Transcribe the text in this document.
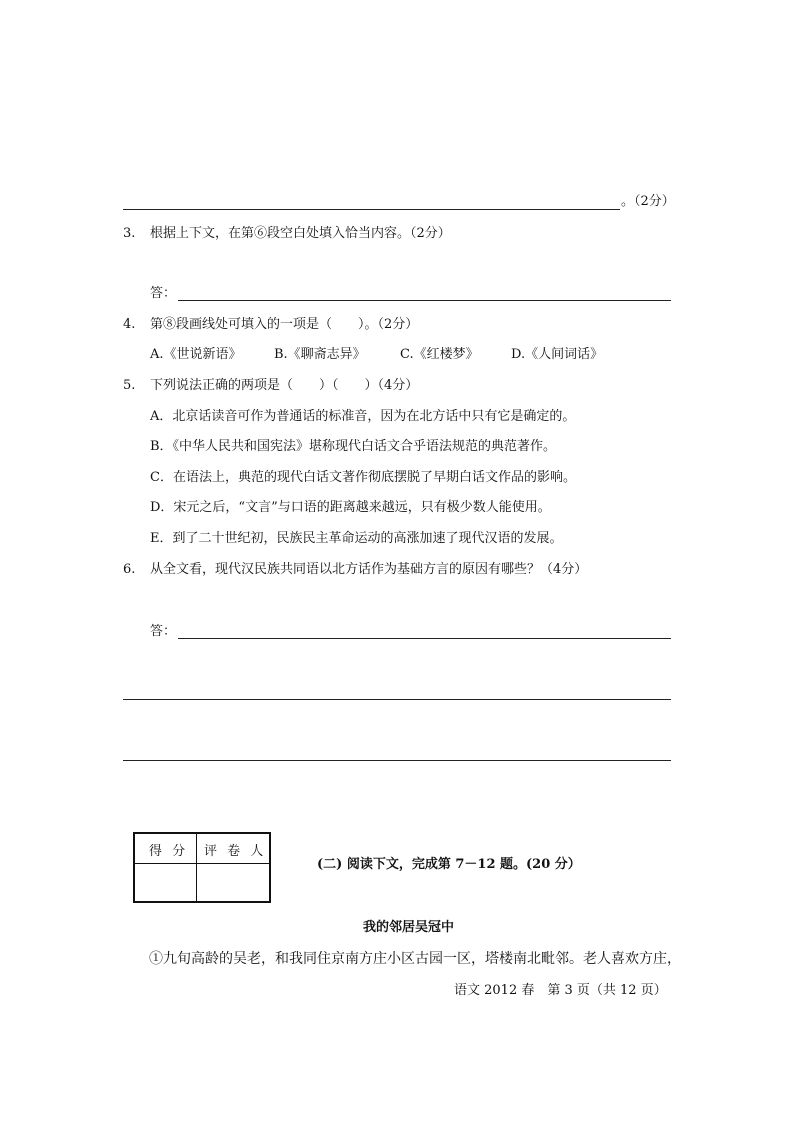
。（2分）
3. 根据上下文，在第⑥段空白处填入恰当内容。（2分）
答：
4. 第⑧段画线处可填入的一项是（　　）。（2分）
A.《世说新语》 B.《聊斋志异》	C.《红楼梦》 D.《人间词话》
5. 下列说法正确的两项是（　　）（　　）（4分）
A．北京话读音可作为普通话的标准音，因为在北方话中只有它是确定的。
B．《中华人民共和国宪法》堪称现代白话文合乎语法规范的典范著作。
C．在语法上，典范的现代白话文著作彻底摆脱了早期白话文作品的影响。
D．宋元之后，“文言”与口语的距离越来越远，只有极少数人能使用。
E．到了二十世纪初，民族民主革命运动的高涨加速了现代汉语的发展。
6. 从全文看，现代汉民族共同语以北方话作为基础方言的原因有哪些？（4分）
答：
得 分 评 卷 人
(二) 阅读下文，完成第 7－12 题。(20 分）
我的邻居吴冠中
①九旬高龄的吴老，和我同住京南方庄小区古园一区，塔楼南北毗邻。老人喜欢方庄，
语文 2012 春　第 3 页（共 12 页）
